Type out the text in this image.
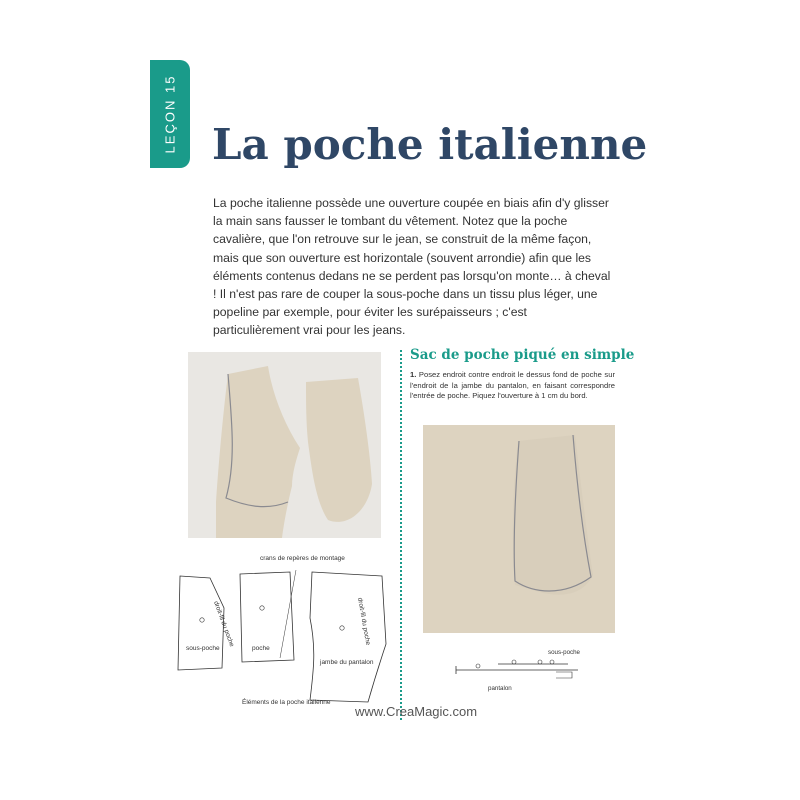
LEÇON 15 La poche italienne

La poche italienne possède une ouverture coupée en biais afin d'y glisser la main sans fausser le tombant du vêtement. Notez que la poche cavalière, que l'on retrouve sur le jean, se construit de la même façon, mais que son ouverture est horizontale (souvent arrondie) afin que les éléments contenus dedans ne se perdent pas lorsqu'on monte… à cheval ! Il n'est pas rare de couper la sous-poche dans un tissu plus léger, une popeline par exemple, pour éviter les surépaisseurs ; c'est particulièrement vrai pour les jeans.

crans de repères de montage
droit-fil du poche	droit-fil du poche
sous-poche	poche
jambe du pantalon
Éléments de la poche italienne
Sac de poche piqué en simple

1. Posez endroit contre endroit le dessus fond de poche sur l'endroit de la jambe du pantalon, en faisant correspondre l'entrée de poche. Piquez l'ouverture à 1 cm du bord.

sous-poche
pantalon

www.CreaMagic.com
